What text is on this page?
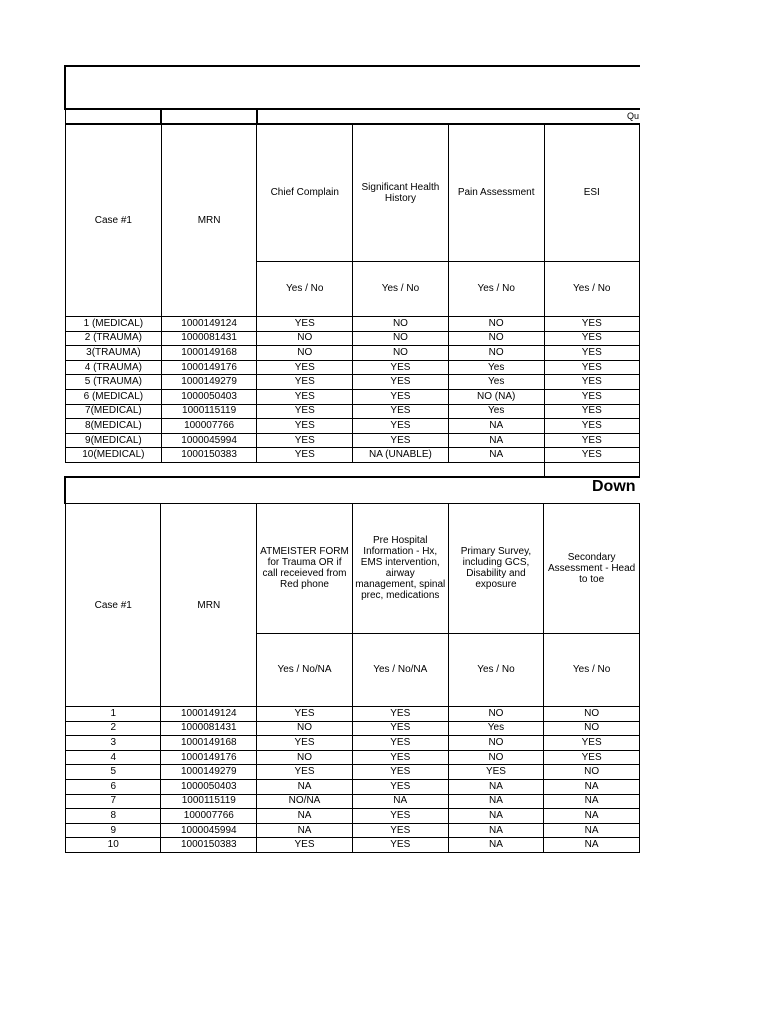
Qu
Case #1	MRN	Chief Complain	Significant Health History	Pain Assessment	ESI
		Yes / No	Yes / No	Yes / No	Yes / No
1 (MEDICAL)	1000149124	YES	NO	NO	YES
2 (TRAUMA)	1000081431	NO	NO	NO	YES
3(TRAUMA)	1000149168	NO	NO	NO	YES
4 (TRAUMA)	1000149176	YES	YES	Yes	YES
5 (TRAUMA)	1000149279	YES	YES	Yes	YES
6 (MEDICAL)	1000050403	YES	YES	NO (NA)	YES
7(MEDICAL)	1000115119	YES	YES	Yes	YES
8(MEDICAL)	100007766	YES	YES	NA	YES
9(MEDICAL)	1000045994	YES	YES	NA	YES
10(MEDICAL)	1000150383	YES	NA (UNABLE)	NA	YES
Down
Case #1	MRN	ATMEISTER FORM for Trauma OR if call receieved from Red phone	Pre Hospital Information - Hx, EMS intervention, airway management, spinal prec, medications	Primary Survey, including GCS, Disability and exposure	Secondary Assessment - Head to toe
		Yes / No/NA	Yes / No/NA	Yes / No	Yes / No
1	1000149124	YES	YES	NO	NO
2	1000081431	NO	YES	Yes	NO
3	1000149168	YES	YES	NO	YES
4	1000149176	NO	YES	NO	YES
5	1000149279	YES	YES	YES	NO
6	1000050403	NA	YES	NA	NA
7	1000115119	NO/NA	NA	NA	NA
8	100007766	NA	YES	NA	NA
9	1000045994	NA	YES	NA	NA
10	1000150383	YES	YES	NA	NA
